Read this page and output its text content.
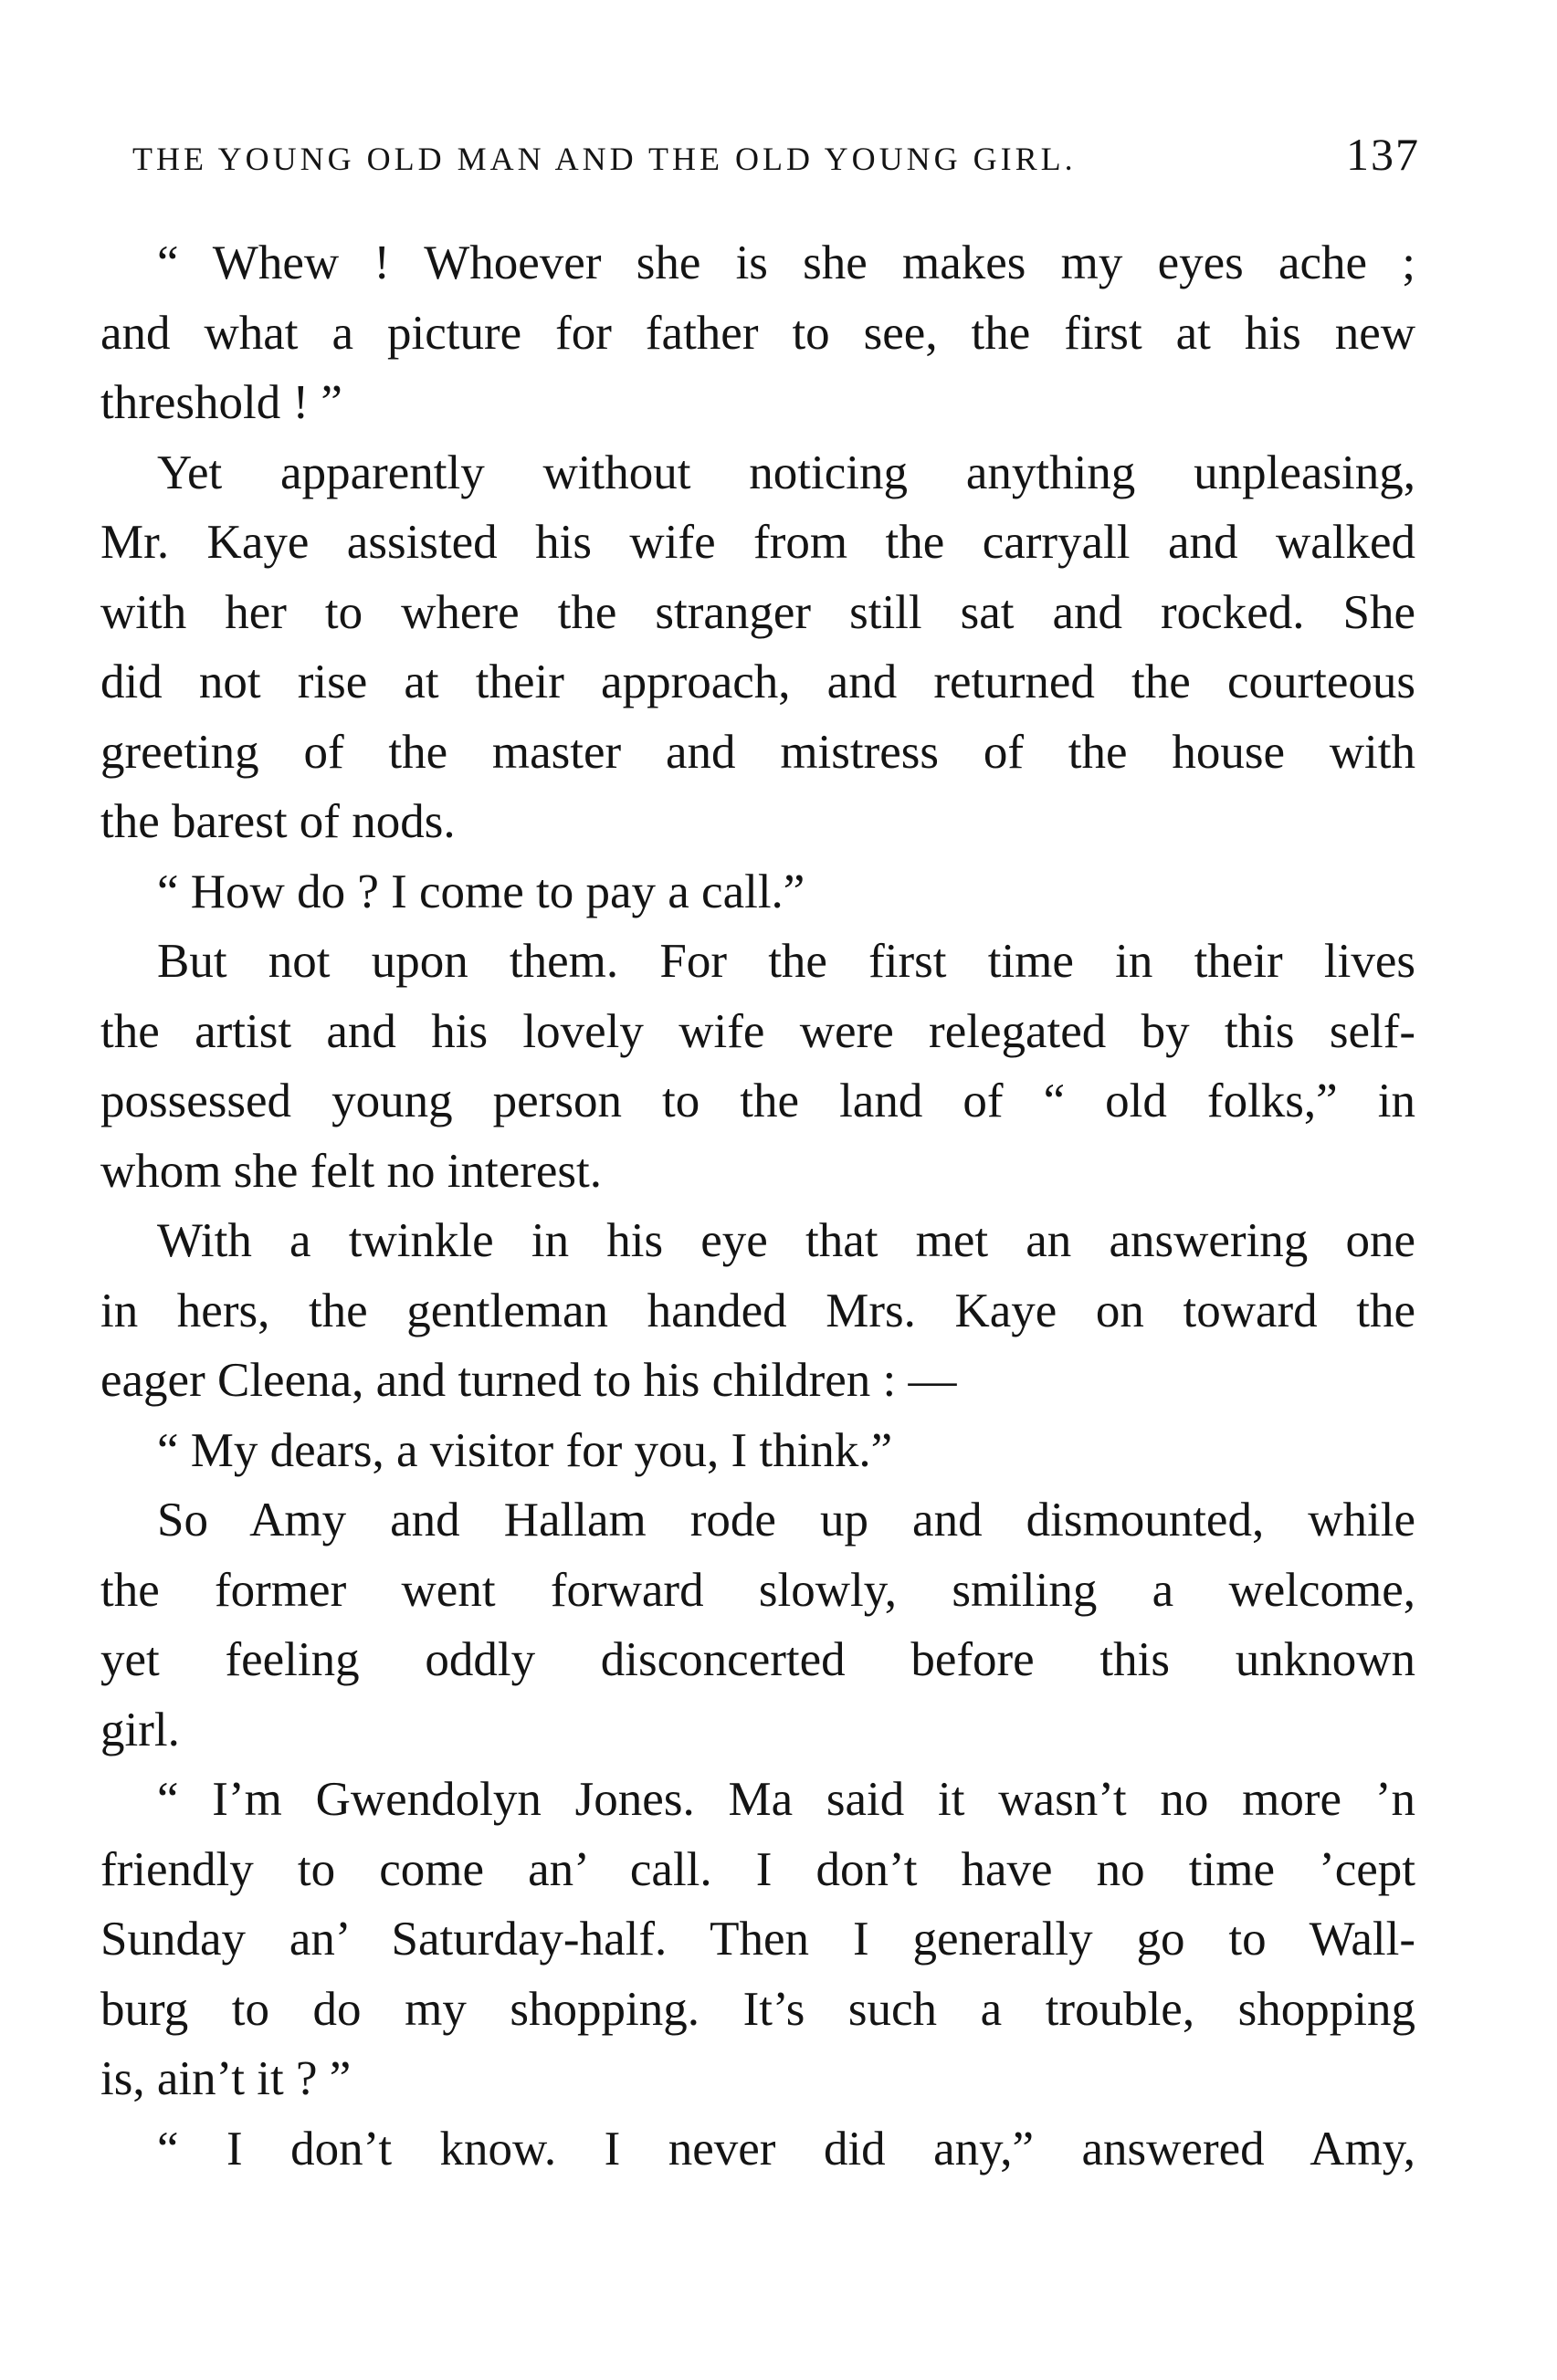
THE YOUNG OLD MAN AND THE OLD YOUNG GIRL.	137
“ Whew ! Whoever she is she makes my eyes ache ;
and what a picture for father to see, the first at his new
threshold ! ”
Yet apparently without noticing anything unpleasing,
Mr. Kaye assisted his wife from the carryall and walked
with her to where the stranger still sat and rocked. She
did not rise at their approach, and returned the courteous
greeting of the master and mistress of the house with
the barest of nods.
“ How do ? I come to pay a call.”
But not upon them. For the first time in their lives
the artist and his lovely wife were relegated by this self-
possessed young person to the land of “ old folks,” in
whom she felt no interest.
With a twinkle in his eye that met an answering one
in hers, the gentleman handed Mrs. Kaye on toward the
eager Cleena, and turned to his children : —
“ My dears, a visitor for you, I think.”
So Amy and Hallam rode up and dismounted, while
the former went forward slowly, smiling a welcome,
yet feeling oddly disconcerted before this unknown
girl.
“ I’m Gwendolyn Jones. Ma said it wasn’t no more ’n
friendly to come an’ call. I don’t have no time ’cept
Sunday an’ Saturday-half. Then I generally go to Wall-
burg to do my shopping. It’s such a trouble, shopping
is, ain’t it ? ”
“ I don’t know. I never did any,” answered Amy,
